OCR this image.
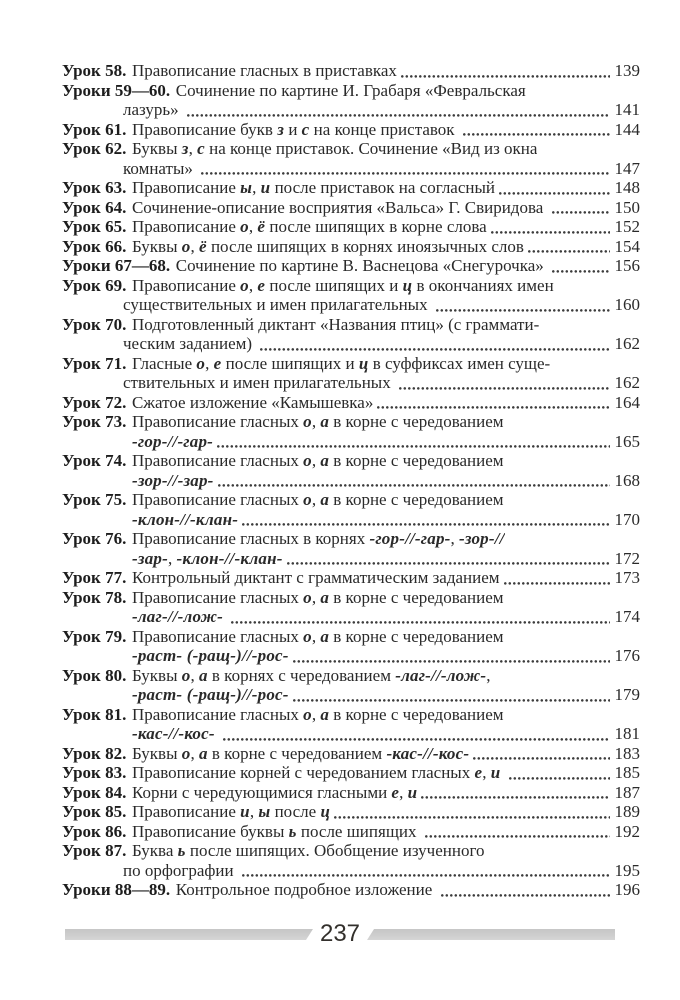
Урок 58. Правописание гласных в приставках	139
Уроки 59—60. Сочинение по картине И. Грабаря «Февральская
лазурь»	141
Урок 61. Правописание букв з и с на конце приставок	144
Урок 62. Буквы з, с на конце приставок. Сочинение «Вид из окна
комнаты»	147
Урок 63. Правописание ы, и после приставок на согласный	148
Урок 64. Сочинение-описание восприятия «Вальса» Г. Свиридова	150
Урок 65. Правописание о, ё после шипящих в корне слова	152
Урок 66. Буквы о, ё после шипящих в корнях иноязычных слов	154
Уроки 67—68. Сочинение по картине В. Васнецова «Снегурочка»	156
Урок 69. Правописание о, е после шипящих и ц в окончаниях имен
существительных и имен прилагательных	160
Урок 70. Подготовленный диктант «Названия птиц» (с граммати-
ческим заданием)	162
Урок 71. Гласные о, е после шипящих и ц в суффиксах имен суще-
ствительных и имен прилагательных	162
Урок 72. Сжатое изложение «Камышевка»	164
Урок 73. Правописание гласных о, а в корне с чередованием
-гор-//-гар-	165
Урок 74. Правописание гласных о, а в корне с чередованием
-зор-//-зар-	168
Урок 75. Правописание гласных о, а в корне с чередованием
-клон-//-клан-	170
Урок 76. Правописание гласных в корнях -гор-//-гар-, -зор-//
-зар-, -клон-//-клан-	172
Урок 77. Контрольный диктант с грамматическим заданием	173
Урок 78. Правописание гласных о, а в корне с чередованием
-лаг-//-лож-	174
Урок 79. Правописание гласных о, а в корне с чередованием
-раст- (-ращ-)//-рос-	176
Урок 80. Буквы о, а в корнях с чередованием -лаг-//-лож-,
-раст- (-ращ-)//-рос-	179
Урок 81. Правописание гласных о, а в корне с чередованием
-кас-//-кос-	181
Урок 82. Буквы о, а в корне с чередованием -кас-//-кос-	183
Урок 83. Правописание корней с чередованием гласных е, и	185
Урок 84. Корни с чередующимися гласными е, и	187
Урок 85. Правописание и, ы после ц	189
Урок 86. Правописание буквы ь после шипящих	192
Урок 87. Буква ь после шипящих. Обобщение изученного
по орфографии	195
Уроки 88—89. Контрольное подробное изложение	196
237
